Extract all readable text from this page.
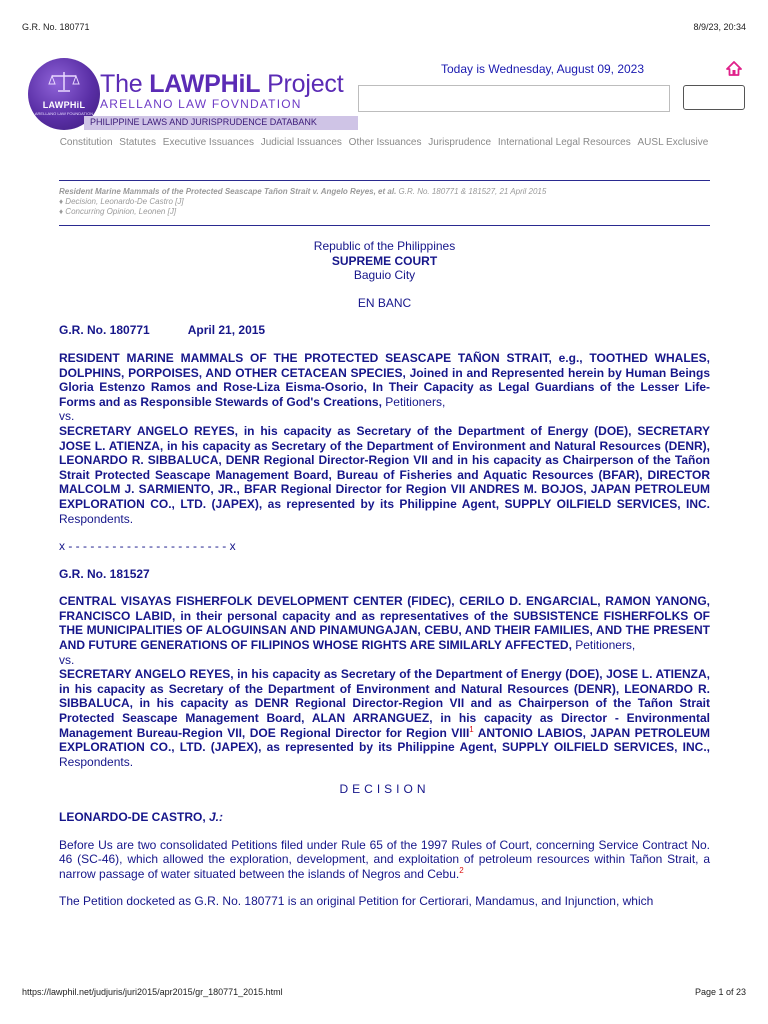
G.R. No. 180771	8/9/23, 20:34
LAWPHiL
ARELLANO LAW FOUNDATION
The LAWPHiL Project
ARELLANO LAW FOVNDATION
PHILIPPINE LAWS AND JURISPRUDENCE DATABANK
Today is Wednesday, August 09, 2023
Constitution Statutes Executive Issuances Judicial Issuances Other Issuances Jurisprudence International Legal Resources AUSL Exclusive
Resident Marine Mammals of the Protected Seascape Tañon Strait v. Angelo Reyes, et al. G.R. No. 180771 & 181527, 21 April 2015
♦ Decision, Leonardo-De Castro [J]
♦ Concurring Opinion, Leonen [J]
Republic of the Philippines
SUPREME COURT
Baguio City
EN BANC
G.R. No. 180771	April 21, 2015

RESIDENT MARINE MAMMALS OF THE PROTECTED SEASCAPE TAÑON STRAIT, e.g., TOOTHED WHALES, DOLPHINS, PORPOISES, AND OTHER CETACEAN SPECIES, Joined in and Represented herein by Human Beings Gloria Estenzo Ramos and Rose-Liza Eisma-Osorio, In Their Capacity as Legal Guardians of the Lesser Life-Forms and as Responsible Stewards of God's Creations, Petitioners,

vs.

SECRETARY ANGELO REYES, in his capacity as Secretary of the Department of Energy (DOE), SECRETARY JOSE L. ATIENZA, in his capacity as Secretary of the Department of Environment and Natural Resources (DENR), LEONARDO R. SIBBALUCA, DENR Regional Director-Region VII and in his capacity as Chairperson of the Tañon Strait Protected Seascape Management Board, Bureau of Fisheries and Aquatic Resources (BFAR), DIRECTOR MALCOLM J. SARMIENTO, JR., BFAR Regional Director for Region VII ANDRES M. BOJOS, JAPAN PETROLEUM EXPLORATION CO., LTD. (JAPEX), as represented by its Philippine Agent, SUPPLY OILFIELD SERVICES, INC. Respondents.

x - - - - - - - - - - - - - - - - - - - - - - x
G.R. No. 181527

CENTRAL VISAYAS FISHERFOLK DEVELOPMENT CENTER (FIDEC), CERILO D. ENGARCIAL, RAMON YANONG, FRANCISCO LABID, in their personal capacity and as representatives of the SUBSISTENCE FISHERFOLKS OF THE MUNICIPALITIES OF ALOGUINSAN AND PINAMUNGAJAN, CEBU, AND THEIR FAMILIES, AND THE PRESENT AND FUTURE GENERATIONS OF FILIPINOS WHOSE RIGHTS ARE SIMILARLY AFFECTED, Petitioners,

vs.

SECRETARY ANGELO REYES, in his capacity as Secretary of the Department of Energy (DOE), JOSE L. ATIENZA, in his capacity as Secretary of the Department of Environment and Natural Resources (DENR), LEONARDO R. SIBBALUCA, in his capacity as DENR Regional Director-Region VII and as Chairperson of the Tañon Strait Protected Seascape Management Board, ALAN ARRANGUEZ, in his capacity as Director - Environmental Management Bureau-Region VII, DOE Regional Director for Region VIII$^1$ ANTONIO LABIOS, JAPAN PETROLEUM EXPLORATION CO., LTD. (JAPEX), as represented by its Philippine Agent, SUPPLY OILFIELD SERVICES, INC., Respondents.

DECISION
LEONARDO-DE CASTRO, J.:

Before Us are two consolidated Petitions filed under Rule 65 of the 1997 Rules of Court, concerning Service Contract No. 46 (SC-46), which allowed the exploration, development, and exploitation of petroleum resources within Tañon Strait, a narrow passage of water situated between the islands of Negros and Cebu.$^2$

The Petition docketed as G.R. No. 180771 is an original Petition for Certiorari, Mandamus, and Injunction, which

https://lawphil.net/judjuris/juri2015/apr2015/gr_180771_2015.html	Page 1 of 23
